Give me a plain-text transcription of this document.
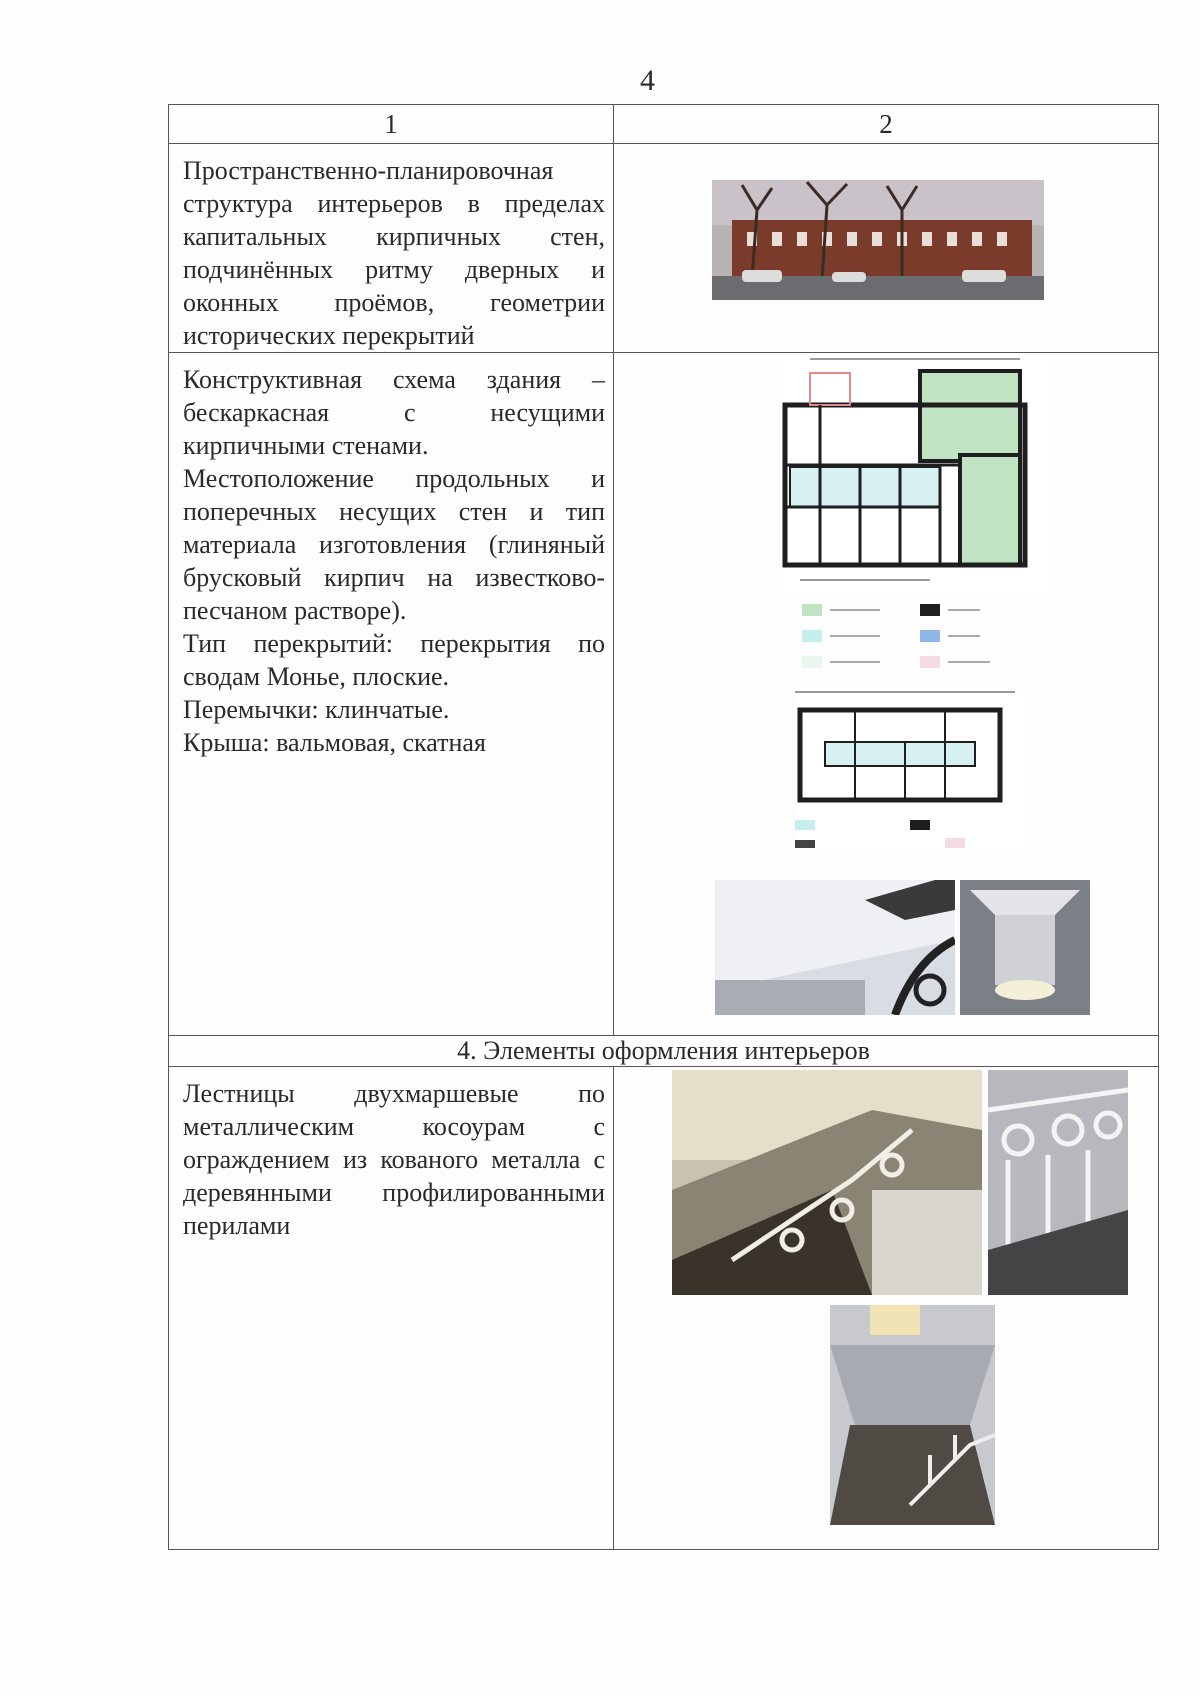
4
1	2

Пространственно-планировочная структура интерьеров в пределах капитальных кирпичных стен, подчинённых ритму дверных и оконных проёмов, геометрии исторических перекрытий	

Конструктивная схема здания – бескаркасная с несущими кирпичными стенами.

Местоположение продольных и поперечных несущих стен и тип материала изготовления (глиняный брусковый кирпич на известково-песчаном растворе).

Тип перекрытий: перекрытия по сводам Монье, плоские.

Перемычки: клинчатые.

Крыша: вальмовая, скатная	

4. Элементы оформления интерьеров	

Лестницы двухмаршевые по металлическим косоурам с ограждением из кованого металла с деревянными профилированными перилами	
